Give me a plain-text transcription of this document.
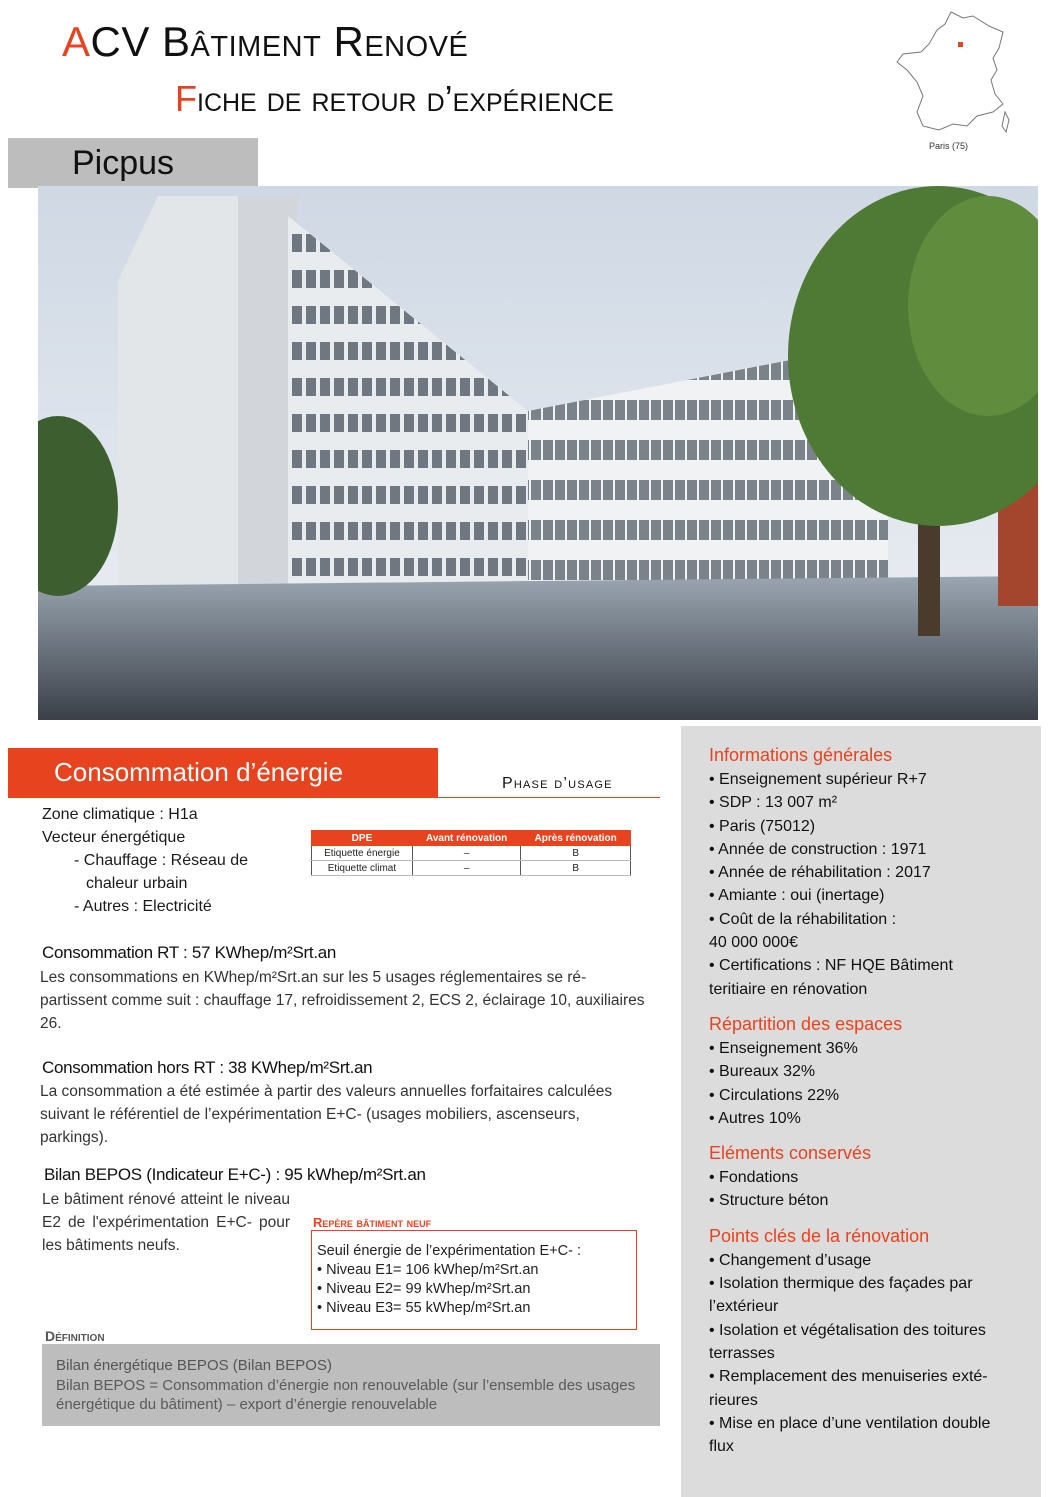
ACV Bâtiment Renové
Fiche de retour d’expérience
Paris (75)
Picpus
Informations générales
• Enseignement supérieur R+7
• SDP : 13 007 m²
• Paris (75012)
• Année de construction : 1971
• Année de réhabilitation : 2017
• Amiante : oui (inertage)
• Coût de la réhabilitation :
40 000 000€
• Certifications : NF HQE Bâtiment
teritiaire en rénovation
Répartition des espaces
• Enseignement 36%
• Bureaux 32%
• Circulations 22%
• Autres 10%
Eléments conservés
• Fondations
• Structure béton
Points clés de la rénovation
• Changement d’usage
• Isolation thermique des façades par
l’extérieur
• Isolation et végétalisation des toitures
terrasses
• Remplacement des menuiseries exté-
rieures
• Mise en place d’une ventilation double
flux
Consommation d’énergie	Phase d’usage
Zone climatique : H1a
Vecteur énergétique
- Chauffage : Réseau de
chaleur urbain
- Autres : Electricité
DPE	Avant rénovation	Après rénovation
Etiquette énergie	–	B
Etiquette climat	–	B
Consommation RT : 57 KWhep/m²Srt.an
Les consommations en KWhep/m²Srt.an sur les 5 usages réglementaires se ré-partissent comme suit : chauffage 17, refroidissement 2, ECS 2, éclairage 10, auxiliaires 26.
Consommation hors RT : 38 KWhep/m²Srt.an
La consommation a été estimée à partir des valeurs annuelles forfaitaires calculées suivant le référentiel de l’expérimentation E+C- (usages mobiliers, ascenseurs, parkings).
Bilan BEPOS (Indicateur E+C-) : 95 kWhep/m²Srt.an
Le bâtiment rénové atteint le niveau E2 de l'expérimentation E+C- pour les bâtiments neufs.
Repère bâtiment neuf
Seuil énergie de l’expérimentation E+C- :
• Niveau E1= 106 kWhep/m²Srt.an
• Niveau E2= 99 kWhep/m²Srt.an
• Niveau E3= 55 kWhep/m²Srt.an
Définition
Bilan énergétique BEPOS (Bilan BEPOS)
Bilan BEPOS = Consommation d’énergie non renouvelable (sur l’ensemble des usages énergétique du bâtiment) – export d’énergie renouvelable
